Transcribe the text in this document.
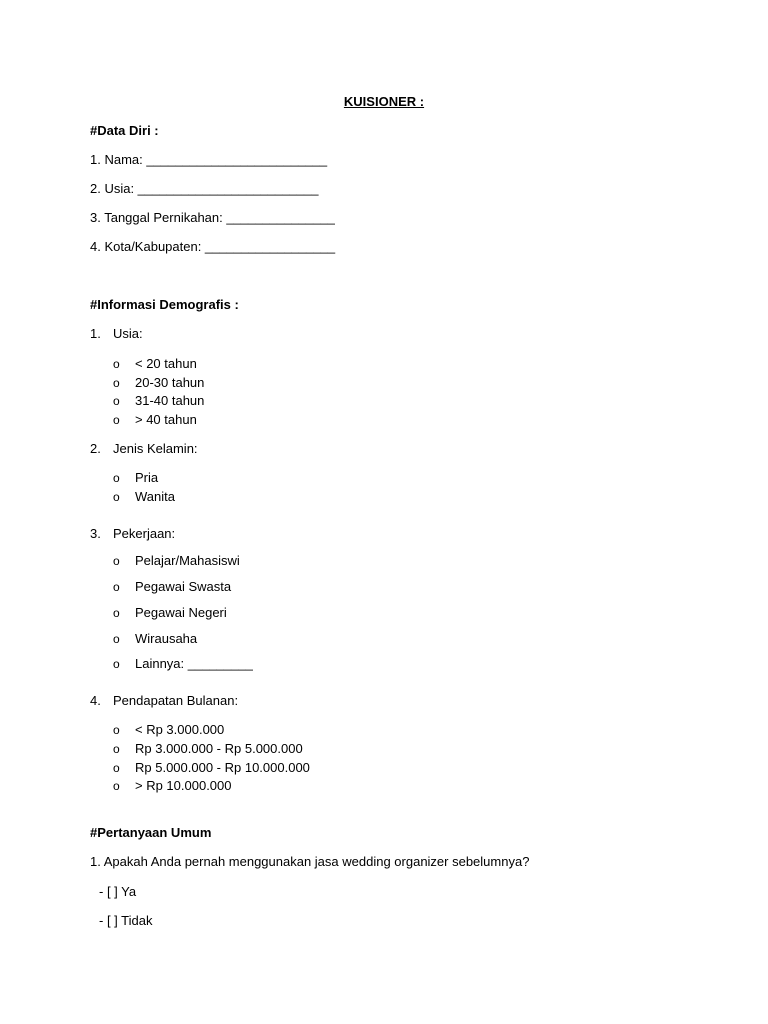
KUISIONER :
#Data Diri :
1. Nama: _________________________
2. Usia: _________________________
3. Tanggal Pernikahan: _______________
4. Kota/Kabupaten: __________________
#Informasi Demografis :
1. Usia:
o < 20 tahun
o 20-30 tahun
o 31-40 tahun
o > 40 tahun
2. Jenis Kelamin:
o Pria
o Wanita
3. Pekerjaan:
o Pelajar/Mahasiswi
o Pegawai Swasta
o Pegawai Negeri
o Wirausaha
o Lainnya: _________
4. Pendapatan Bulanan:
o < Rp 3.000.000
o Rp 3.000.000 - Rp 5.000.000
o Rp 5.000.000 - Rp 10.000.000
o > Rp 10.000.000
#Pertanyaan Umum
1. Apakah Anda pernah menggunakan jasa wedding organizer sebelumnya?
- [ ] Ya
- [ ] Tidak
